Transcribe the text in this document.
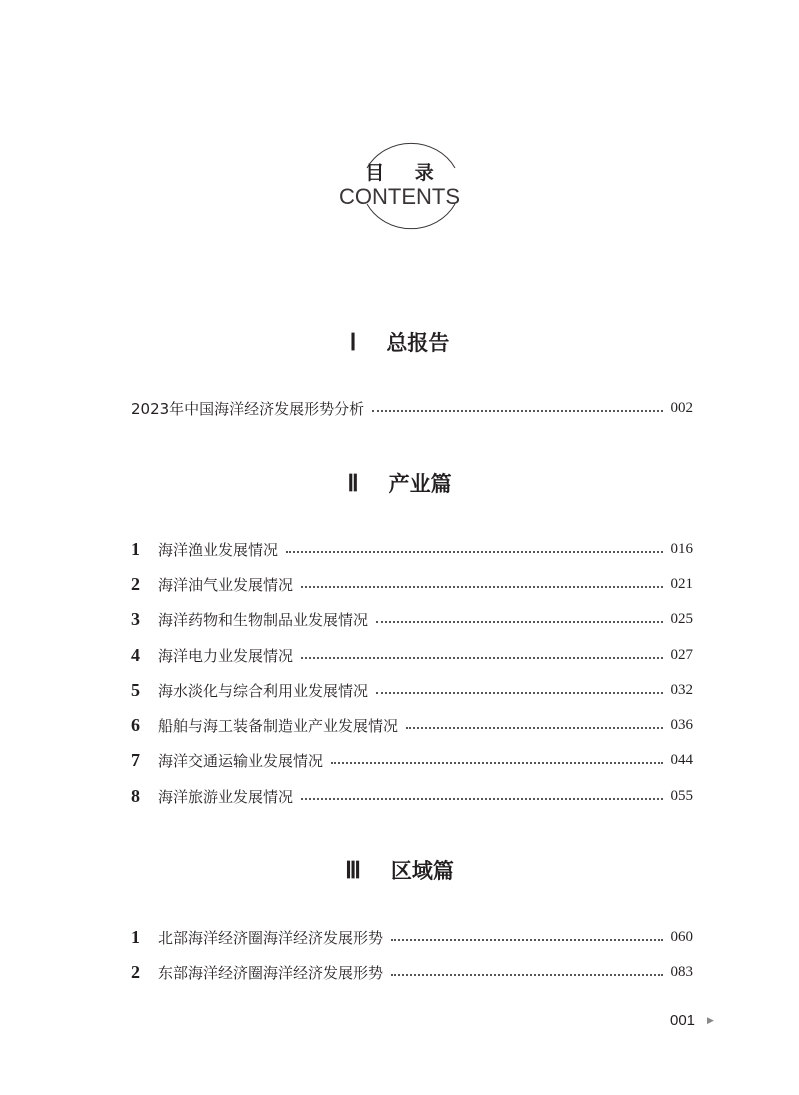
目 录
CONTENTS
Ⅰ 总报告
2023年中国海洋经济发展形势分析	002
Ⅱ 产业篇
1	海洋渔业发展情况	016
2	海洋油气业发展情况	021
3	海洋药物和生物制品业发展情况	025
4	海洋电力业发展情况	027
5	海水淡化与综合利用业发展情况	032
6	船舶与海工装备制造业产业发展情况	036
7	海洋交通运输业发展情况	044
8	海洋旅游业发展情况	055
Ⅲ 区域篇
1	北部海洋经济圈海洋经济发展形势	060
2	东部海洋经济圈海洋经济发展形势	083
001 ▶
